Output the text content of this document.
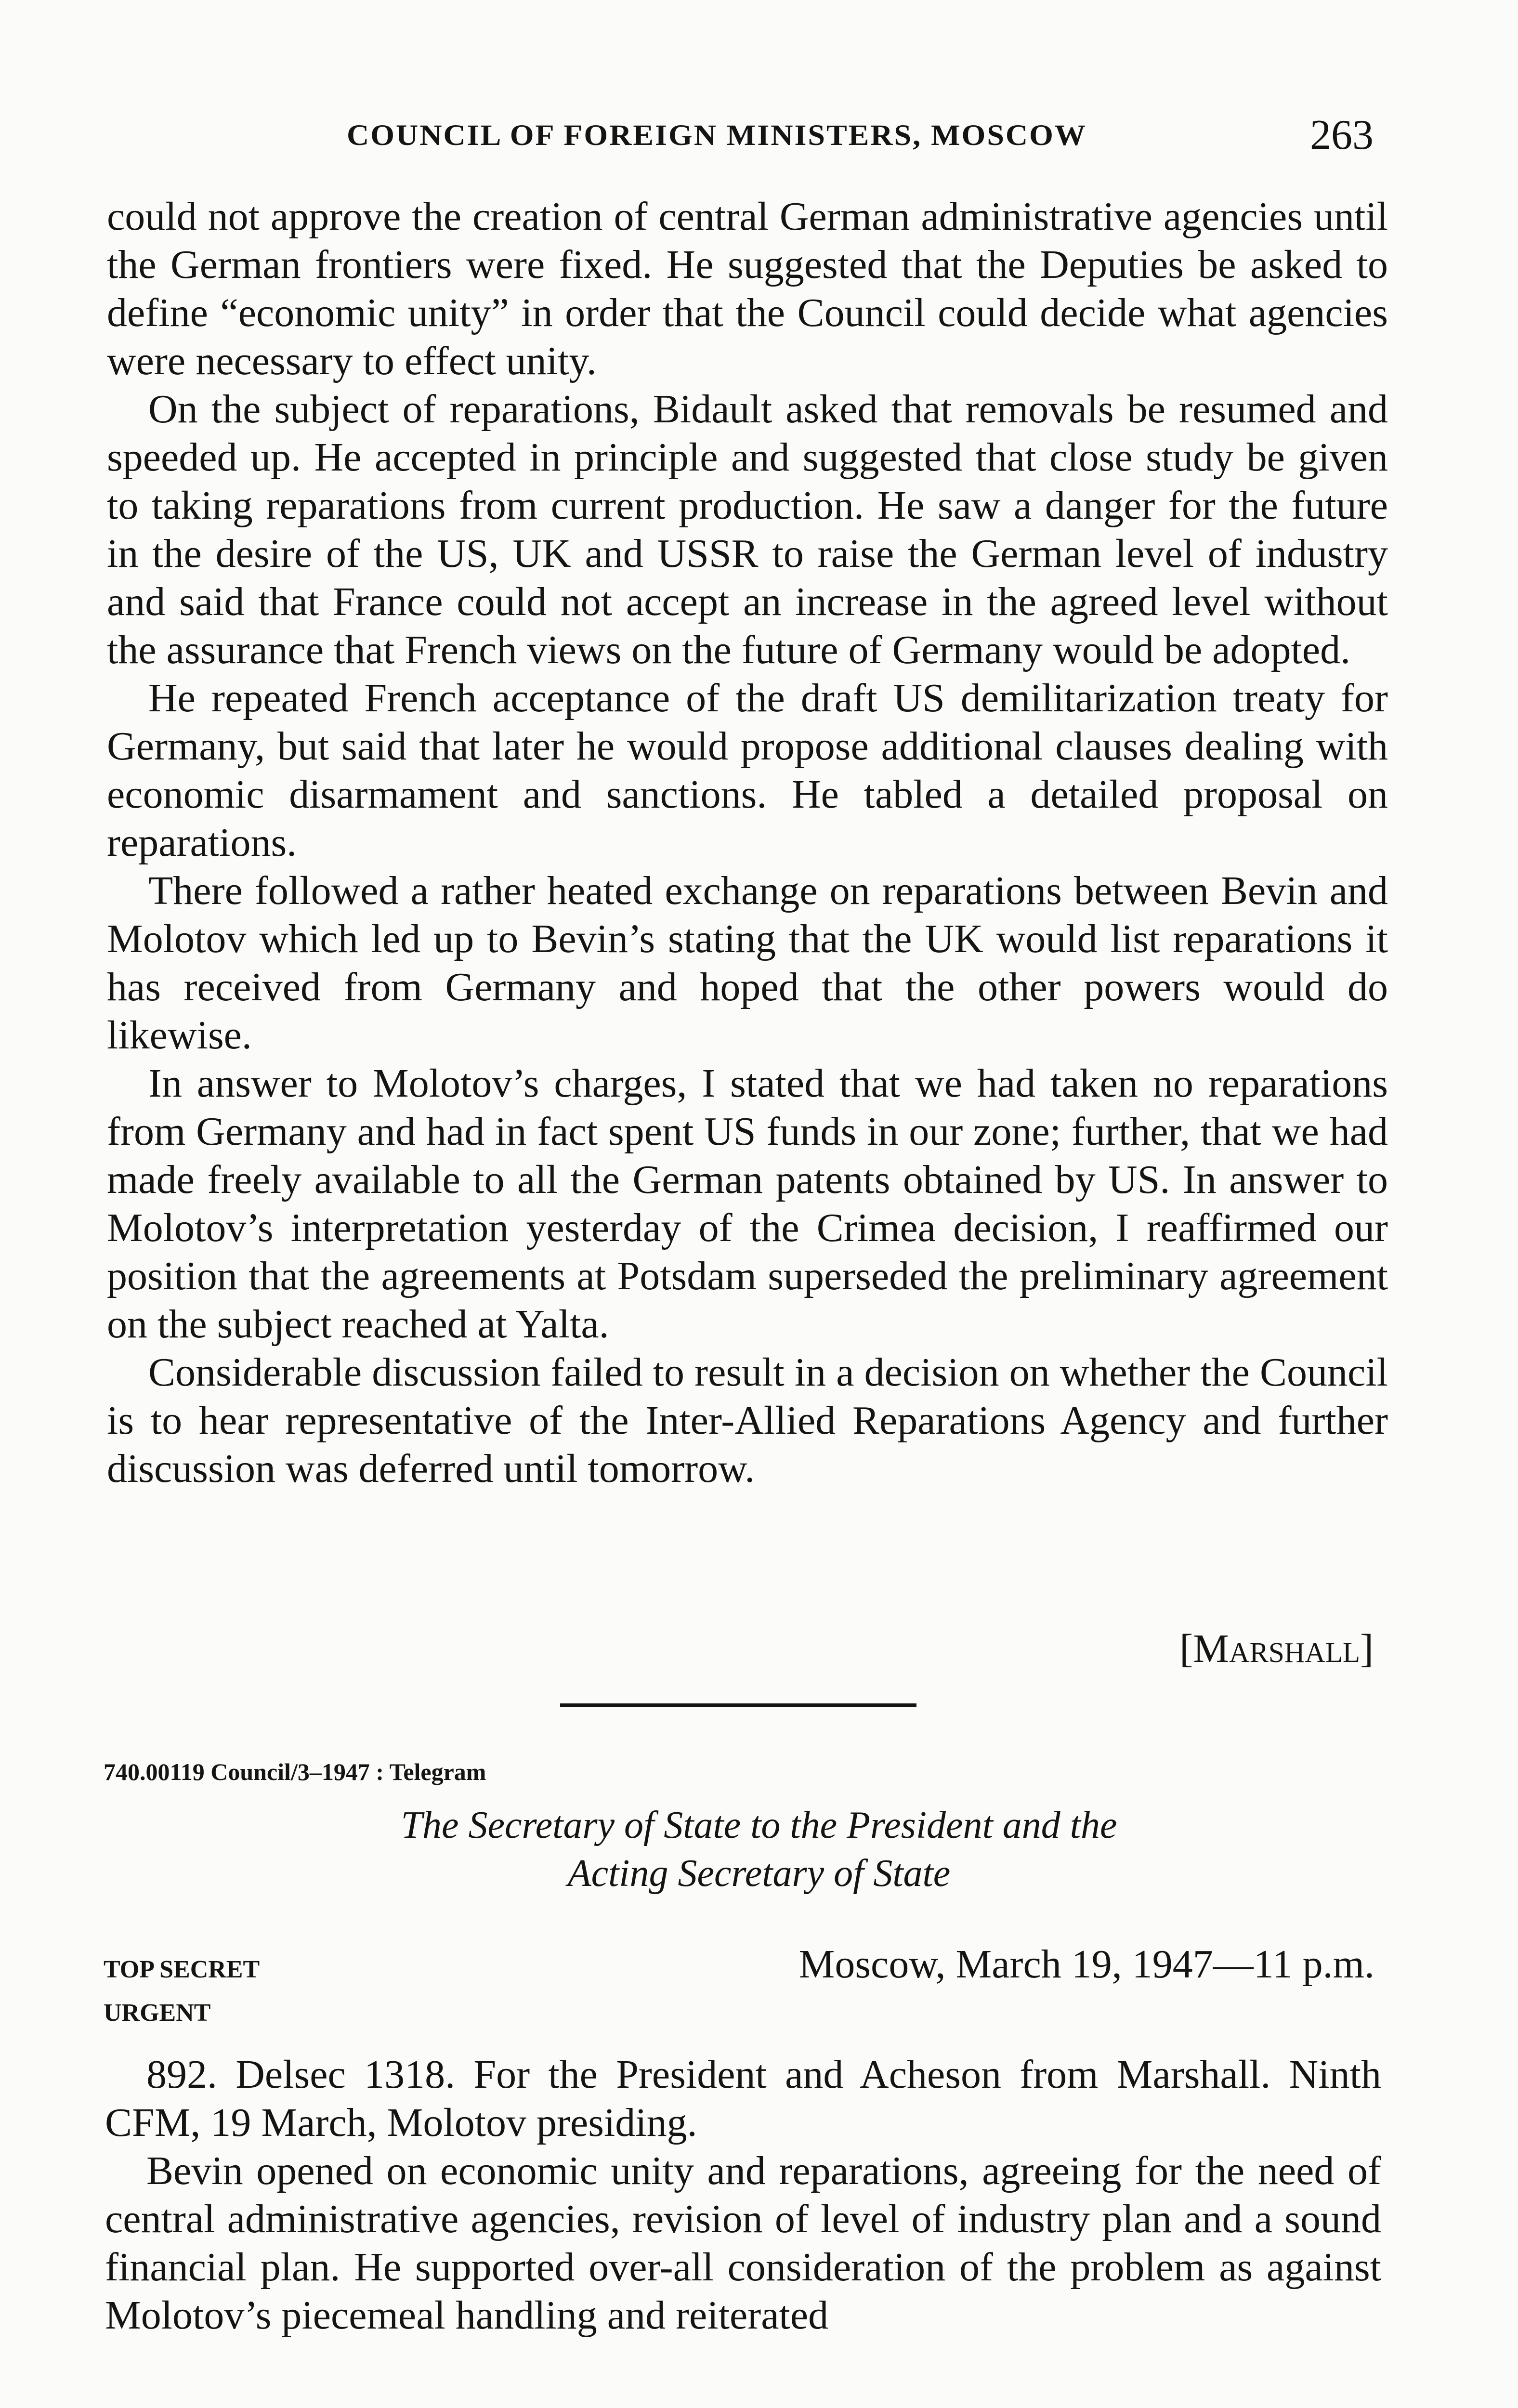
COUNCIL OF FOREIGN MINISTERS, MOSCOW	263

could not approve the creation of central German administrative agencies until the German frontiers were fixed. He suggested that the Deputies be asked to define “economic unity” in order that the Council could decide what agencies were necessary to effect unity.

On the subject of reparations, Bidault asked that removals be resumed and speeded up. He accepted in principle and suggested that close study be given to taking reparations from current production. He saw a danger for the future in the desire of the US, UK and USSR to raise the German level of industry and said that France could not accept an increase in the agreed level without the assurance that French views on the future of Germany would be adopted.

He repeated French acceptance of the draft US demilitarization treaty for Germany, but said that later he would propose additional clauses dealing with economic disarmament and sanctions. He tabled a detailed proposal on reparations.

There followed a rather heated exchange on reparations between Bevin and Molotov which led up to Bevin’s stating that the UK would list reparations it has received from Germany and hoped that the other powers would do likewise.

In answer to Molotov’s charges, I stated that we had taken no reparations from Germany and had in fact spent US funds in our zone; further, that we had made freely available to all the German patents obtained by US. In answer to Molotov’s interpretation yesterday of the Crimea decision, I reaffirmed our position that the agreements at Potsdam superseded the preliminary agreement on the subject reached at Yalta.

Considerable discussion failed to result in a decision on whether the Council is to hear representative of the Inter-Allied Reparations Agency and further discussion was deferred until tomorrow.

[Marshall]
740.00119 Council/3–1947 : Telegram
The Secretary of State to the President and the
Acting Secretary of State
TOP SECRET
URGENT
Moscow, March 19, 1947—11 p.m.

892. Delsec 1318. For the President and Acheson from Marshall. Ninth CFM, 19 March, Molotov presiding.

Bevin opened on economic unity and reparations, agreeing for the need of central administrative agencies, revision of level of industry plan and a sound financial plan. He supported over-all consideration of the problem as against Molotov’s piecemeal handling and reiterated
